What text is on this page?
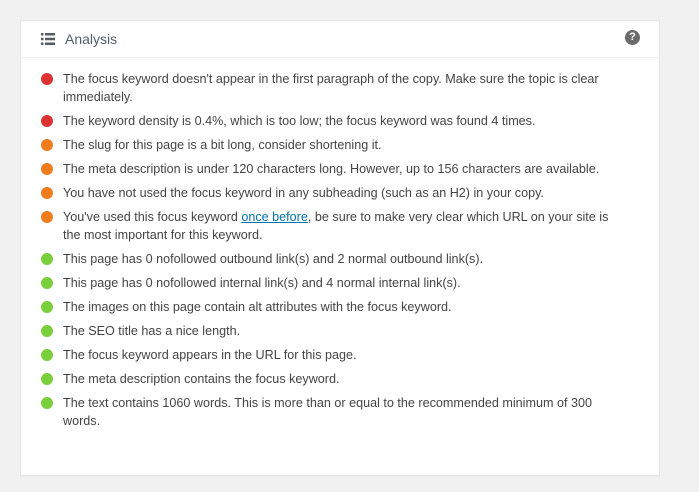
Analysis	?
The focus keyword doesn't appear in the first paragraph of the copy. Make sure the topic is clear immediately.
The keyword density is 0.4%, which is too low; the focus keyword was found 4 times.
The slug for this page is a bit long, consider shortening it.
The meta description is under 120 characters long. However, up to 156 characters are available.
You have not used the focus keyword in any subheading (such as an H2) in your copy.
You've used this focus keyword once before, be sure to make very clear which URL on your site is the most important for this keyword.
This page has 0 nofollowed outbound link(s) and 2 normal outbound link(s).
This page has 0 nofollowed internal link(s) and 4 normal internal link(s).
The images on this page contain alt attributes with the focus keyword.
The SEO title has a nice length.
The focus keyword appears in the URL for this page.
The meta description contains the focus keyword.
The text contains 1060 words. This is more than or equal to the recommended minimum of 300 words.
